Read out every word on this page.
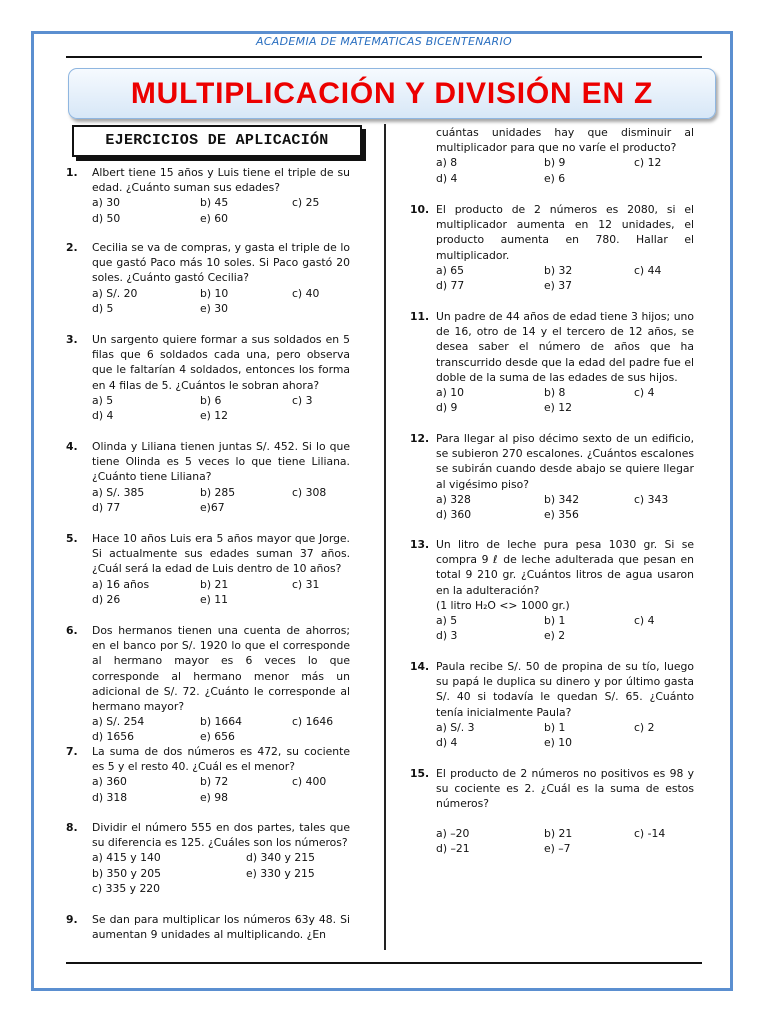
ACADEMIA DE MATEMATICAS BICENTENARIO
MULTIPLICACIÓN Y DIVISIÓN EN Z
EJERCICIOS DE APLICACIÓN	cuántas unidades hay que disminuir al multiplicador para que no varíe el producto?
a) 8	b) 9	c) 12
d) 4	e) 6
1. Albert tiene 15 años y Luis tiene el triple de su edad. ¿Cuánto suman sus edades?

a) 30	b) 45	c) 25
d) 50	e) 60
2. Cecilia se va de compras, y gasta el triple de lo que gastó Paco más 10 soles. Si Paco gastó 20 soles. ¿Cuánto gastó Cecilia?

a) S/. 20	b) 10	c) 40
d) 5	e) 30
3. Un sargento quiere formar a sus soldados en 5 filas que 6 soldados cada una, pero observa que le faltarían 4 soldados, entonces los forma en 4 filas de 5. ¿Cuántos le sobran ahora?

a) 5	b) 6	c) 3
d) 4	e) 12
4. Olinda y Liliana tienen juntas S/. 452. Si lo que tiene Olinda es 5 veces lo que tiene Liliana. ¿Cuánto tiene Liliana?

a) S/. 385	b) 285	c) 308
d) 77	e)67
5. Hace 10 años Luis era 5 años mayor que Jorge. Si actualmente sus edades suman 37 años. ¿Cuál será la edad de Luis dentro de 10 años?

a) 16 años	b) 21	c) 31
d) 26	e) 11
6. Dos hermanos tienen una cuenta de ahorros; en el banco por S/. 1920 lo que el corresponde al hermano mayor es 6 veces lo que corresponde al hermano menor más un adicional de S/. 72. ¿Cuánto le corresponde al hermano mayor?

a) S/. 254	b) 1664	c) 1646
d) 1656	e) 656
7. La suma de dos números es 472, su cociente es 5 y el resto 40. ¿Cuál es el menor?

a) 360	b) 72	c) 400
d) 318	e) 98
8. Dividir el número 555 en dos partes, tales que su diferencia es 125. ¿Cuáles son los números?

a) 415 y 140	d) 340 y 215
b) 350 y 205	e) 330 y 215
c) 335 y 220
9. Se dan para multiplicar los números 63y 48. Si aumentan 9 unidades al multiplicando. ¿En

10. El producto de 2 números es 2080, si el multiplicador aumenta en 12 unidades, el producto aumenta en 780. Hallar el multiplicador.

a) 65	b) 32	c) 44
d) 77	e) 37
11. Un padre de 44 años de edad tiene 3 hijos; uno de 16, otro de 14 y el tercero de 12 años, se desea saber el número de años que ha transcurrido desde que la edad del padre fue el doble de la suma de las edades de sus hijos.

a) 10	b) 8	c) 4
d) 9	e) 12
12. Para llegar al piso décimo sexto de un edificio, se subieron 270 escalones. ¿Cuántos escalones se subirán cuando desde abajo se quiere llegar al vigésimo piso?

a) 328	b) 342	c) 343
d) 360	e) 356
13. Un litro de leche pura pesa 1030 gr. Si se compra 9 ℓ de leche adulterada que pesan en total 9 210 gr. ¿Cuántos litros de agua usaron en la adulteración?

(1 litro H₂O <> 1000 gr.)

a) 5	b) 1	c) 4
d) 3	e) 2
14. Paula recibe S/. 50 de propina de su tío, luego su papá le duplica su dinero y por último gasta S/. 40 si todavía le quedan S/. 65. ¿Cuánto tenía inicialmente Paula?

a) S/. 3	b) 1	c) 2
d) 4	e) 10
15. El producto de 2 números no positivos es 98 y su cociente es 2. ¿Cuál es la suma de estos números?

a) –20	b) 21	c) -14
d) –21	e) –7
